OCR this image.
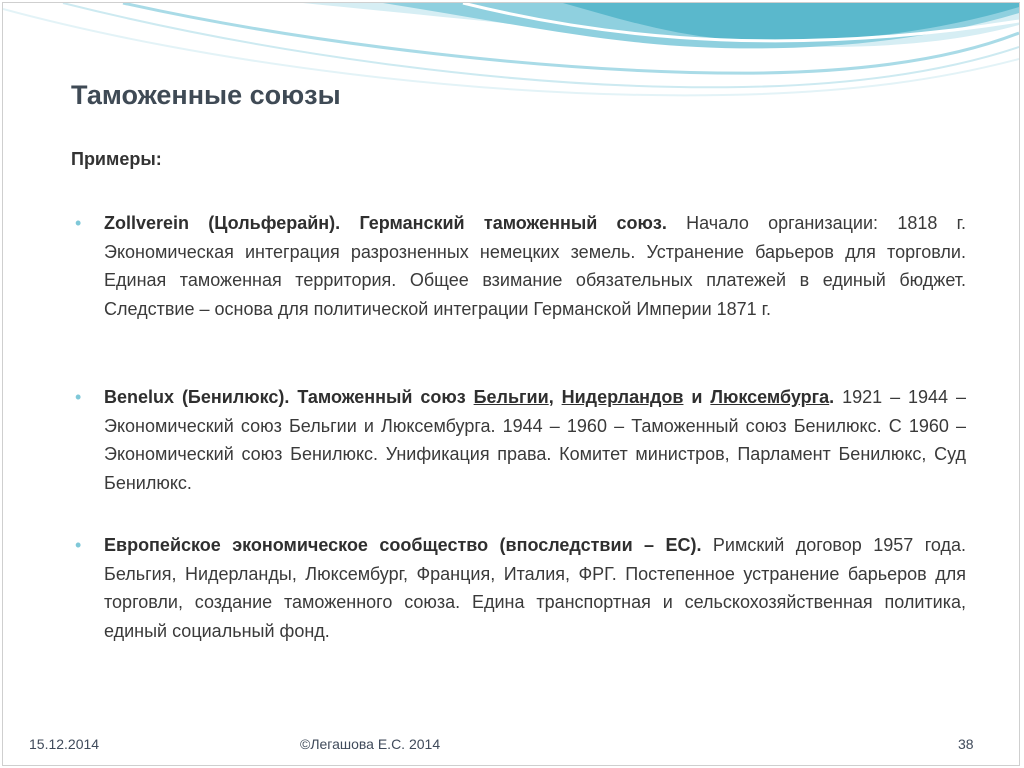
Таможенные союзы
Примеры:
•	Zollverein (Цольферайн). Германский таможенный союз. Начало организации: 1818 г. Экономическая интеграция разрозненных немецких земель. Устранение барьеров для торговли. Единая таможенная территория. Общее взимание обязательных платежей в единый бюджет. Следствие – основа для политической интеграции Германской Империи 1871 г.
•	Benelux (Бенилюкс). Таможенный союз Бельгии, Нидерландов и Люксембурга. 1921 – 1944 – Экономический союз Бельгии и Люксембурга. 1944 – 1960 – Таможенный союз Бенилюкс. С 1960 – Экономический союз Бенилюкс. Унификация права. Комитет министров, Парламент Бенилюкс, Суд Бенилюкс.
•	Европейское экономическое сообщество (впоследствии – ЕС). Римский договор 1957 года. Бельгия, Нидерланды, Люксембург, Франция, Италия, ФРГ. Постепенное устранение барьеров для торговли, создание таможенного союза. Едина транспортная и сельскохозяйственная политика, единый социальный фонд.
15.12.2014	©Легашова Е.С. 2014	38
